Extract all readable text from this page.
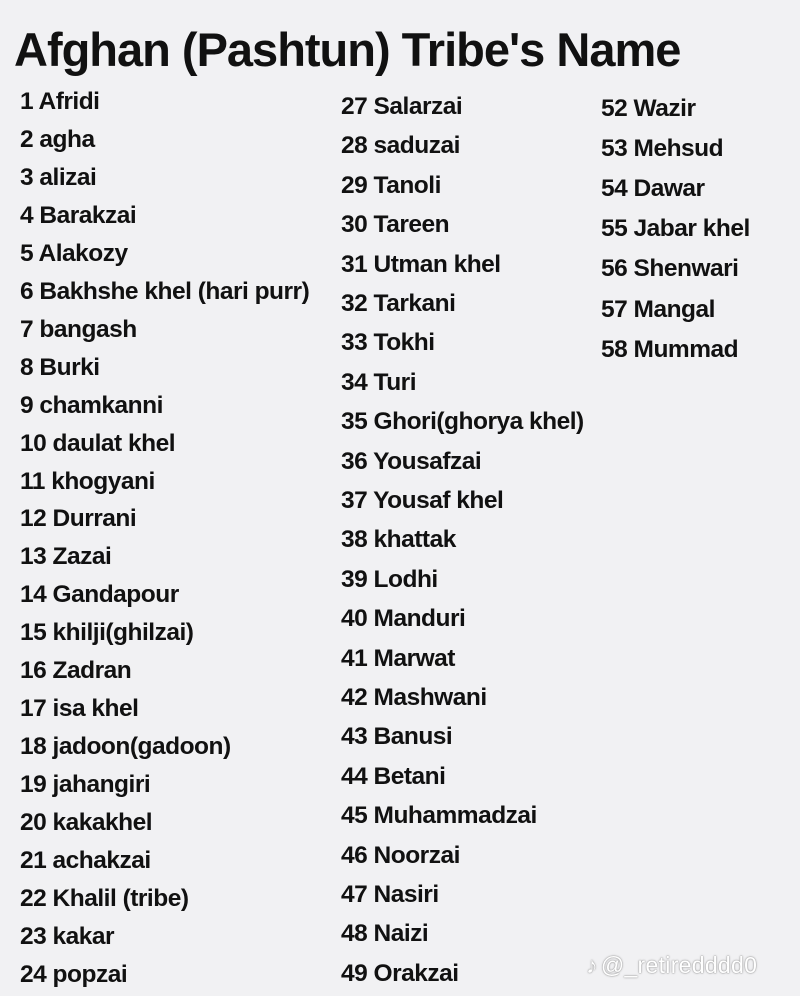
Afghan (Pashtun) Tribe's Name
1 Afridi
2 agha
3 alizai
4 Barakzai
5 Alakozy
6 Bakhshe khel (hari purr)
7 bangash
8 Burki
9 chamkanni
10 daulat khel
11 khogyani
12 Durrani
13 Zazai
14 Gandapour
15 khilji(ghilzai)
16 Zadran
17 isa khel
18 jadoon(gadoon)
19 jahangiri
20 kakakhel
21 achakzai
22 Khalil (tribe)
23 kakar
24 popzai
27 Salarzai
28 saduzai
29 Tanoli
30 Tareen
31 Utman khel
32 Tarkani
33 Tokhi
34 Turi
35 Ghori(ghorya khel)
36 Yousafzai
37 Yousaf khel
38 khattak
39 Lodhi
40 Manduri
41 Marwat
42 Mashwani
43 Banusi
44 Betani
45 Muhammadzai
46 Noorzai
47 Nasiri
48 Naizi
49 Orakzai
52 Wazir
53 Mehsud
54 Dawar
55 Jabar khel
56 Shenwari
57 Mangal
58 Mummad
♪ @_retiredddd0
